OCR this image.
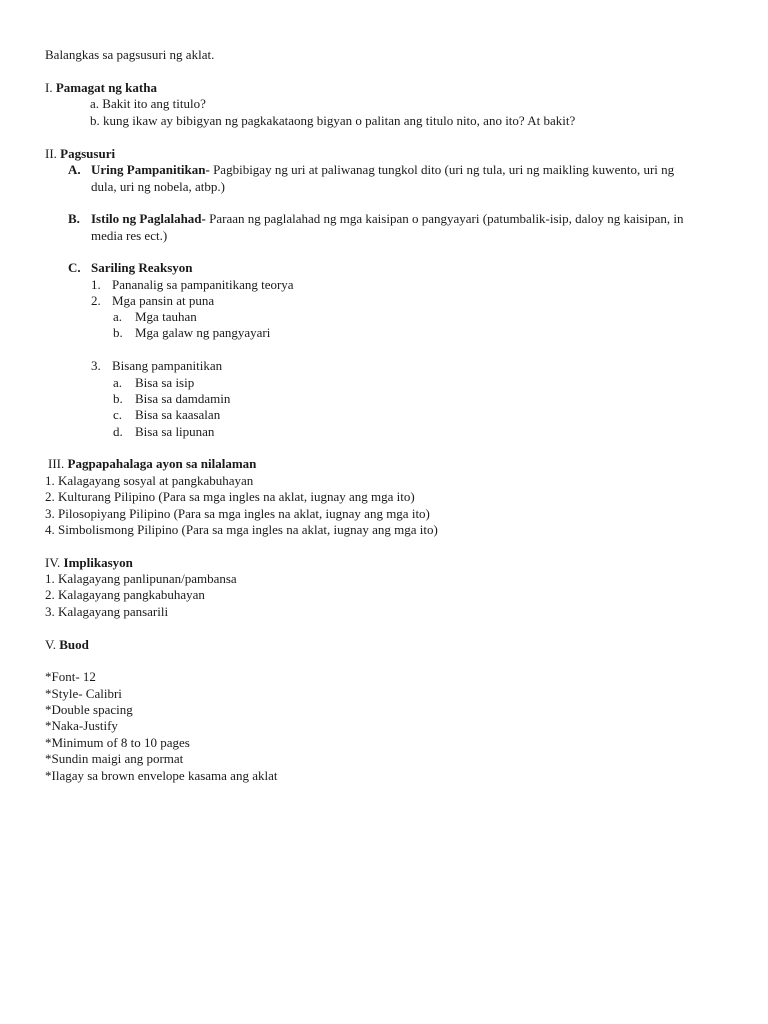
Balangkas sa pagsusuri ng aklat.
I. Pamagat ng katha
a. Bakit ito ang titulo?
b. kung ikaw ay bibigyan ng pagkakataong bigyan o palitan ang titulo nito, ano ito? At bakit?
II. Pagsusuri
A. Uring Pampanitikan- Pagbibigay ng uri at paliwanag tungkol dito (uri ng tula, uri ng maikling kuwento, uri ng
dula, uri ng nobela, atbp.)
B. Istilo ng Paglalahad- Paraan ng paglalahad ng mga kaisipan o pangyayari (patumbalik-isip, daloy ng kaisipan, in
media res ect.)
C. Sariling Reaksyon
1. Pananalig sa pampanitikang teorya
2. Mga pansin at puna
a. Mga tauhan
b. Mga galaw ng pangyayari
3. Bisang pampanitikan
a. Bisa sa isip
b. Bisa sa damdamin
c. Bisa sa kaasalan
d. Bisa sa lipunan
III. Pagpapahalaga ayon sa nilalaman
1. Kalagayang sosyal at pangkabuhayan
2. Kulturang Pilipino (Para sa mga ingles na aklat, iugnay ang mga ito)
3. Pilosopiyang Pilipino (Para sa mga ingles na aklat, iugnay ang mga ito)
4. Simbolismong Pilipino (Para sa mga ingles na aklat, iugnay ang mga ito)
IV. Implikasyon
1. Kalagayang panlipunan/pambansa
2. Kalagayang pangkabuhayan
3. Kalagayang pansarili
V. Buod
*Font- 12
*Style- Calibri
*Double spacing
*Naka-Justify
*Minimum of 8 to 10 pages
*Sundin maigi ang pormat
*Ilagay sa brown envelope kasama ang aklat
